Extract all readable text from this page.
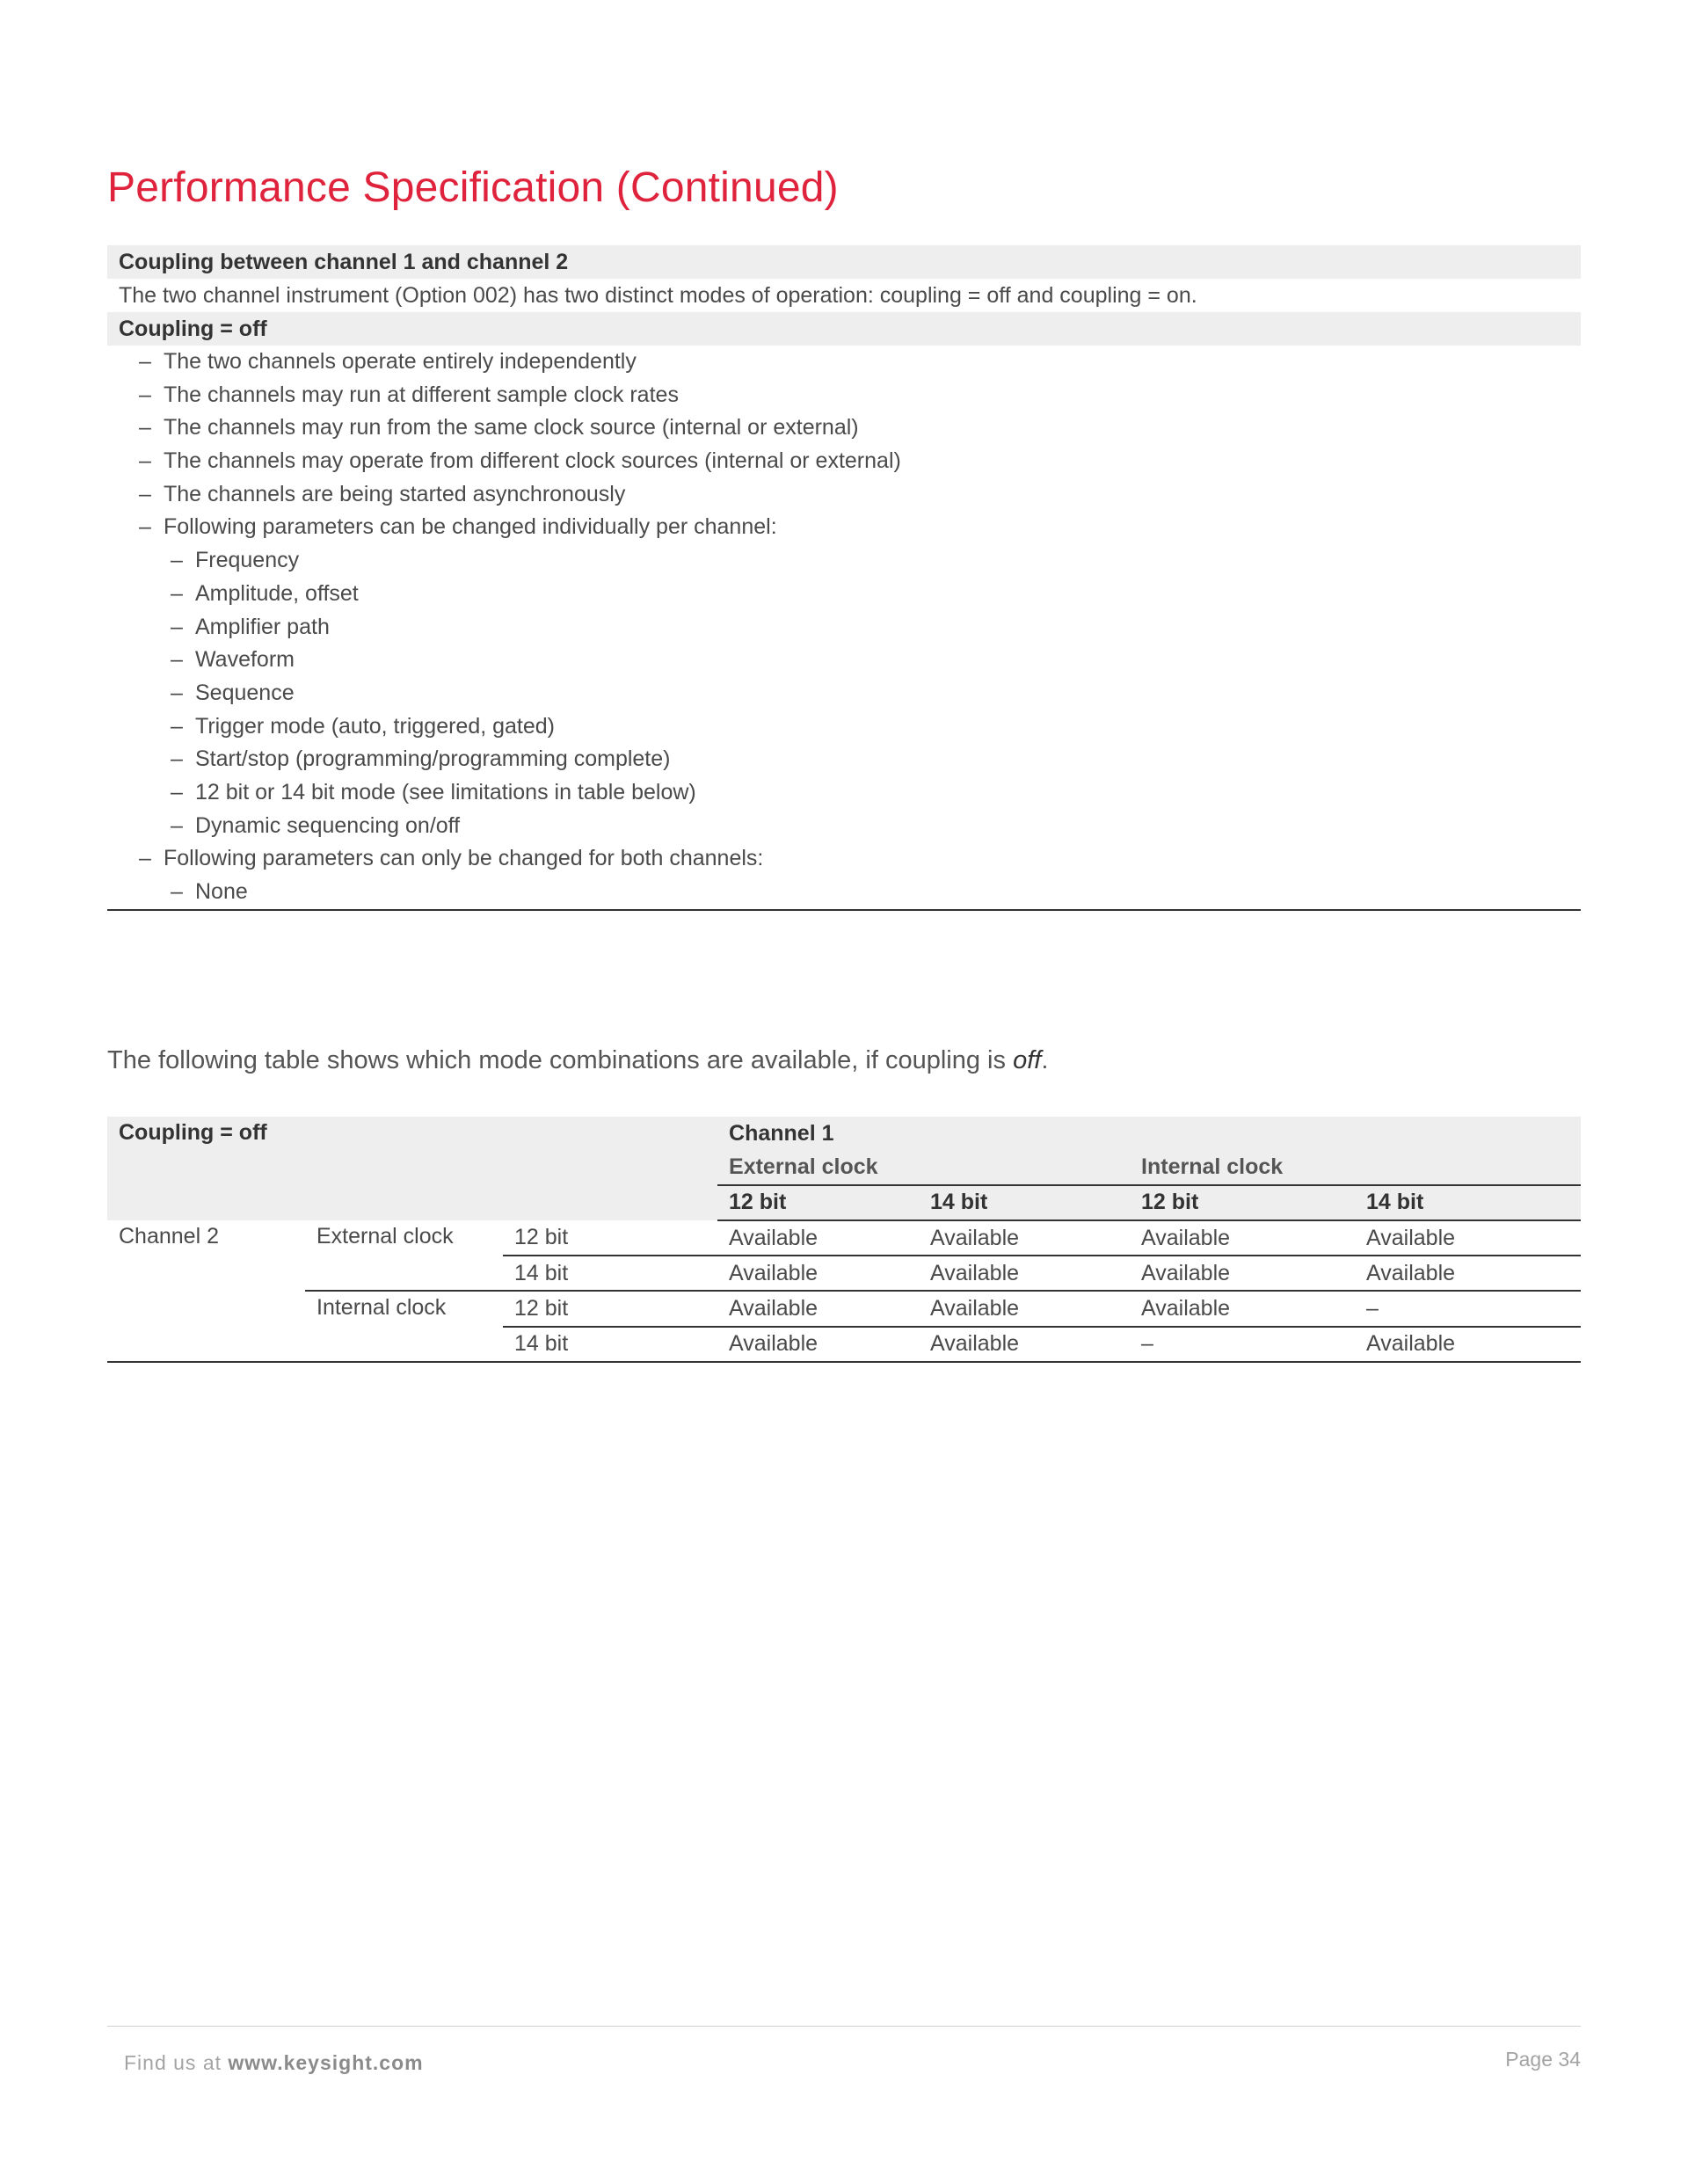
Performance Specification (Continued)
Coupling between channel 1 and channel 2
The two channel instrument (Option 002) has two distinct modes of operation: coupling = off and coupling = on.
Coupling = off
– The two channels operate entirely independently
– The channels may run at different sample clock rates
– The channels may run from the same clock source (internal or external)
– The channels may operate from different clock sources (internal or external)
– The channels are being started asynchronously
– Following parameters can be changed individually per channel:
– Frequency
– Amplitude, offset
– Amplifier path
– Waveform
– Sequence
– Trigger mode (auto, triggered, gated)
– Start/stop (programming/programming complete)
– 12 bit or 14 bit mode (see limitations in table below)
– Dynamic sequencing on/off
– Following parameters can only be changed for both channels:
– None
The following table shows which mode combinations are available, if coupling is off.
Coupling = off			Channel 1			
			External clock		Internal clock	
			12 bit	14 bit	12 bit	14 bit
Channel 2	External clock	12 bit	Available	Available	Available	Available
		14 bit	Available	Available	Available	Available
	Internal clock	12 bit	Available	Available	Available	–
		14 bit	Available	Available	–	Available
Find us at www.keysight.com	Page 34
